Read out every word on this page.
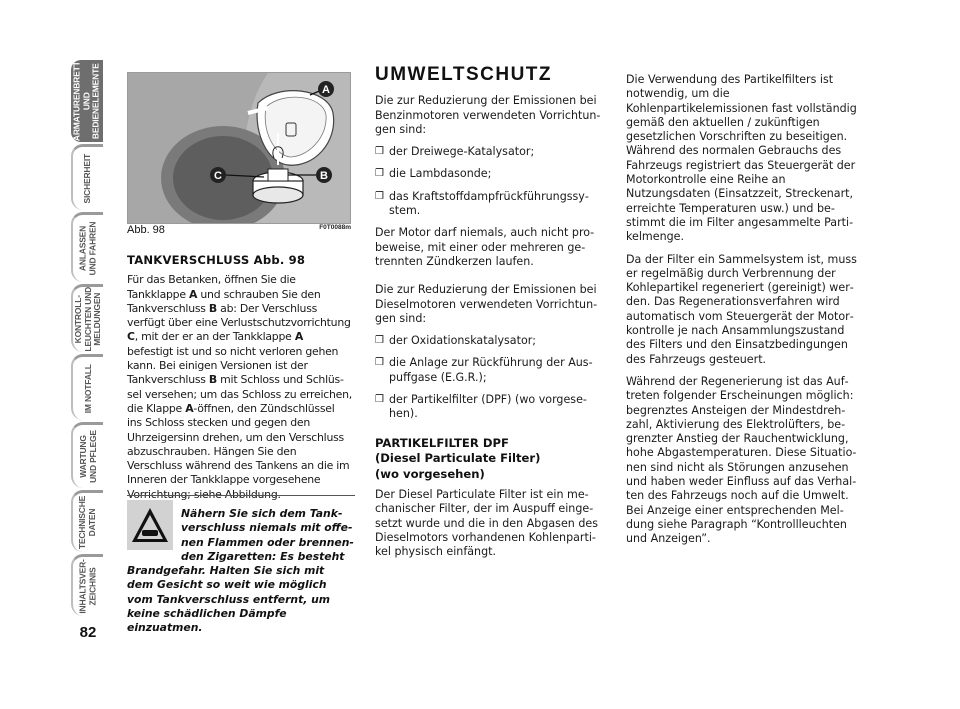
ARMATURENBRETT
UND
BEDIENELEMENTE
SICHERHEIT
ANLASSEN
UND FAHREN
KONTROLL-
LEUCHTEN UND
MELDUNGEN
IM NOTFALL
WARTUNG
UND PFLEGE
TECHNISCHE
DATEN
INHALTSVER-
ZEICHNIS
82
A
B
C
Abb. 98	F0T0088m
TANKVERSCHLUSS Abb. 98

Für das Betanken, öffnen Sie die Tankklappe A und schrauben Sie den Tankverschluss B ab: Der Verschluss verfügt über eine Verlustschutzvorrichtung C, mit der er an der Tankklappe A befestigt ist und so nicht verloren gehen kann. Bei einigen Versionen ist der Tankverschluss B mit Schloss und Schlüssel versehen; um das Schloss zu erreichen, die Klappe A-öffnen, den Zündschlüssel ins Schloss stecken und gegen den Uhrzeigersinn drehen, um den Verschluss abzuschrauben. Hängen Sie den Verschluss während des Tankens an die im Inneren der Tankklappe vorgesehene

Nähern Sie sich dem Tankverschluss niemals mit offenen Flammen oder brennenden Zigaretten: Es besteht
Brandgefahr. Halten Sie sich mit dem Gesicht so weit wie möglich vom Tankverschluss entfernt, um keine schädlichen Dämpfe einzuatmen.
UMWELTSCHUTZ

Die zur Reduzierung der Emissionen bei Benzinmotoren verwendeten Vorrichtungen sind:

❒ der Dreiwege-Katalysator;
❒ die Lambdasonde;
❒ das Kraftstoffdampfrückführungssystem.

Der Motor darf niemals, auch nicht probeweise, mit einer oder mehreren getrennten Zündkerzen laufen.

Die zur Reduzierung der Emissionen bei Dieselmotoren verwendeten Vorrichtungen sind:

❒ der Oxidationskatalysator;
❒ die Anlage zur Rückführung der Auspuffgase (E.G.R.);
❒ der Partikelfilter (DPF) (wo vorgesehen).
PARTIKELFILTER DPF
(Diesel Particulate Filter)
(wo vorgesehen)

Der Diesel Particulate Filter ist ein mechanischer Filter, der im Auspuff eingesetzt wurde und die in den Abgasen des Dieselmotors vorhandenen Kohlenpartikel physisch einfängt.

Die Verwendung des Partikelfilters ist notwendig, um die Kohlenpartikelemissionen fast vollständig gemäß den aktuellen / zukünftigen gesetzlichen Vorschriften zu beseitigen. Während des normalen Gebrauchs des Fahrzeugs registriert das Steuergerät der Motorkontrolle eine Reihe an Nutzungsdaten (Einsatzzeit, Streckenart, erreichte Temperaturen usw.) und bestimmt die im Filter angesammelte Partikelmenge.

Da der Filter ein Sammelsystem ist, muss er regelmäßig durch Verbrennung der Kohlepartikel regeneriert (gereinigt) werden. Das Regenerationsverfahren wird automatisch vom Steuergerät der Motorkontrolle je nach Ansammlungszustand des Filters und den Einsatzbedingungen des Fahrzeugs gesteuert.

Während der Regenerierung ist das Auftreten folgender Erscheinungen möglich: begrenztes Ansteigen der Mindestdrehzahl, Aktivierung des Elektrolüfters, begrenzter Anstieg der Rauchentwicklung, hohe Abgastemperaturen. Diese Situationen sind nicht als Störungen anzusehen und haben weder Einfluss auf das Verhalten des Fahrzeugs noch auf die Umwelt. Bei Anzeige einer entsprechenden Meldung siehe Paragraph “Kontrollleuchten und Anzeigen”.
